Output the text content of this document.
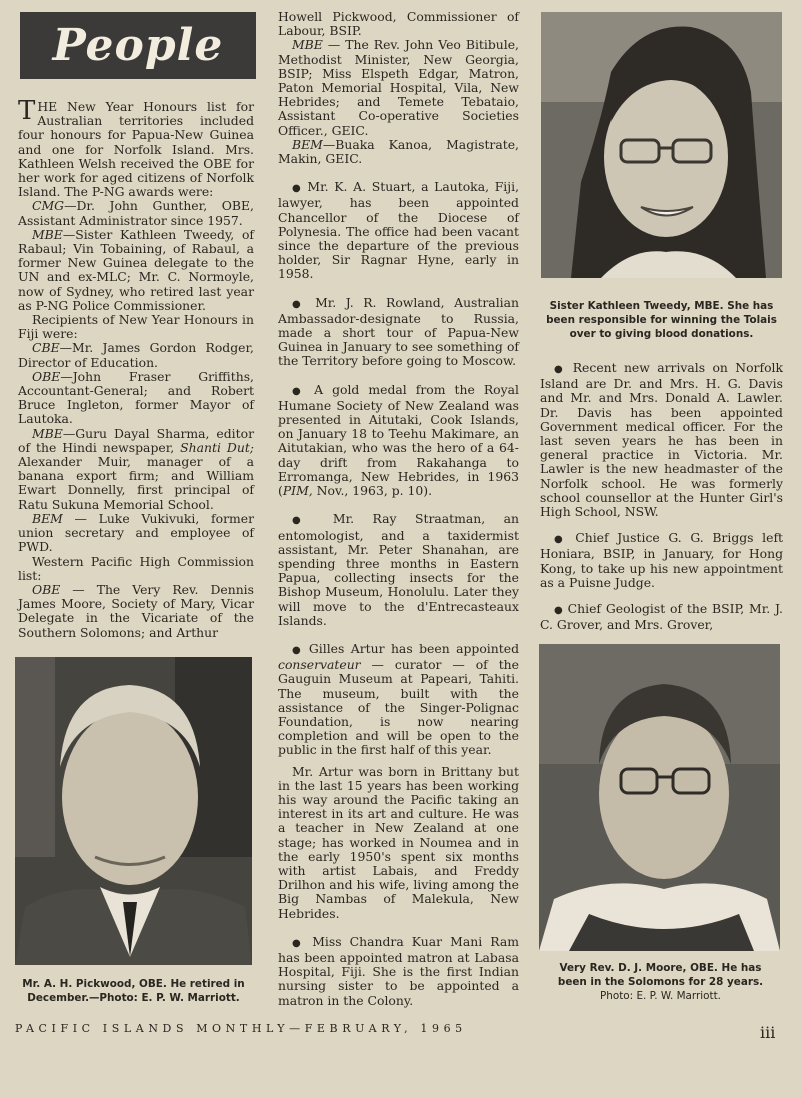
People

THE New Year Honours list for Australian territories included four honours for Papua-New Guinea and one for Norfolk Island. Mrs. Kathleen Welsh received the OBE for her work for aged citizens of Norfolk Island. The P-NG awards were:

CMG—Dr. John Gunther, OBE, Assistant Administrator since 1957.

MBE—Sister Kathleen Tweedy, of Rabaul; Vin Tobaining, of Rabaul, a former New Guinea delegate to the UN and ex-MLC; Mr. C. Normoyle, now of Sydney, who retired last year as P-NG Police Commissioner.

Recipients of New Year Honours in Fiji were:

CBE—Mr. James Gordon Rodger, Director of Education.

OBE—John Fraser Griffiths, Accountant-General; and Robert Bruce Ingleton, former Mayor of Lautoka.

MBE—Guru Dayal Sharma, editor of the Hindi newspaper, Shanti Dut; Alexander Muir, manager of a banana export firm; and William Ewart Donnelly, first principal of Ratu Sukuna Memorial School.

BEM — Luke Vukivuki, former union secretary and employee of PWD.

Western Pacific High Commission list:

OBE — The Very Rev. Dennis James Moore, Society of Mary, Vicar Delegate in the Vicariate of the Southern Solomons; and Arthur

Howell Pickwood, Commissioner of Labour, BSIP.

MBE — The Rev. John Veo Bitibule, Methodist Minister, New Georgia, BSIP; Miss Elspeth Edgar, Matron, Paton Memorial Hospital, Vila, New Hebrides; and Temete Tebataio, Assistant Co-operative Societies Officer., GEIC.

BEM—Buaka Kanoa, Magistrate, Makin, GEIC.

● Mr. K. A. Stuart, a Lautoka, Fiji, lawyer, has been appointed Chancellor of the Diocese of Polynesia. The office had been vacant since the departure of the previous holder, Sir Ragnar Hyne, early in 1958.

● Mr. J. R. Rowland, Australian Ambassador-designate to Russia, made a short tour of Papua-New Guinea in January to see something of the Territory before going to Moscow.

● A gold medal from the Royal Humane Society of New Zealand was presented in Aitutaki, Cook Islands, on January 18 to Teehu Makimare, an Aitutakian, who was the hero of a 64-day drift from Rakahanga to Erromanga, New Hebrides, in 1963 (PIM, Nov., 1963, p. 10).

● Mr. Ray Straatman, an entomologist, and a taxidermist assistant, Mr. Peter Shanahan, are spending three months in Eastern Papua, collecting insects for the Bishop Museum, Honolulu. Later they will move to the d'Entrecasteaux Islands.

● Gilles Artur has been appointed conservateur — curator — of the Gauguin Museum at Papeari, Tahiti. The museum, built with the assistance of the Singer-Polignac Foundation, is now nearing completion and will be open to the public in the first half of this year.

Mr. Artur was born in Brittany but in the last 15 years has been working his way around the Pacific taking an interest in its art and culture. He was a teacher in New Zealand at one stage; has worked in Noumea and in the early 1950's spent six months with artist Labais, and Freddy Drilhon and his wife, living among the Big Nambas of Malekula, New Hebrides.

● Miss Chandra Kuar Mani Ram has been appointed matron at Labasa Hospital, Fiji. She is the first Indian nursing sister to be appointed a matron in the Colony.

● Recent new arrivals on Norfolk Island are Dr. and Mrs. H. G. Davis and Mr. and Mrs. Donald A. Lawler. Dr. Davis has been appointed Government medical officer. For the last seven years he has been in general practice in Victoria. Mr. Lawler is the new headmaster of the Norfolk school. He was formerly school counsellor at the Hunter Girl's High School, NSW.

● Chief Justice G. G. Briggs left Honiara, BSIP, in January, for Hong Kong, to take up his new appointment as a Puisne Judge.

● Chief Geologist of the BSIP, Mr. J. C. Grover, and Mrs. Grover,

Sister Kathleen Tweedy, MBE. She has
been responsible for winning the Tolais
over to giving blood donations.
Mr. A. H. Pickwood, OBE. He retired in
December.—Photo: E. P. W. Marriott.
Very Rev. D. J. Moore, OBE. He has
been in the Solomons for 28 years.
Photo: E. P. W. Marriott.
PACIFIC ISLANDS MONTHLY—FEBRUARY, 1965	iii
